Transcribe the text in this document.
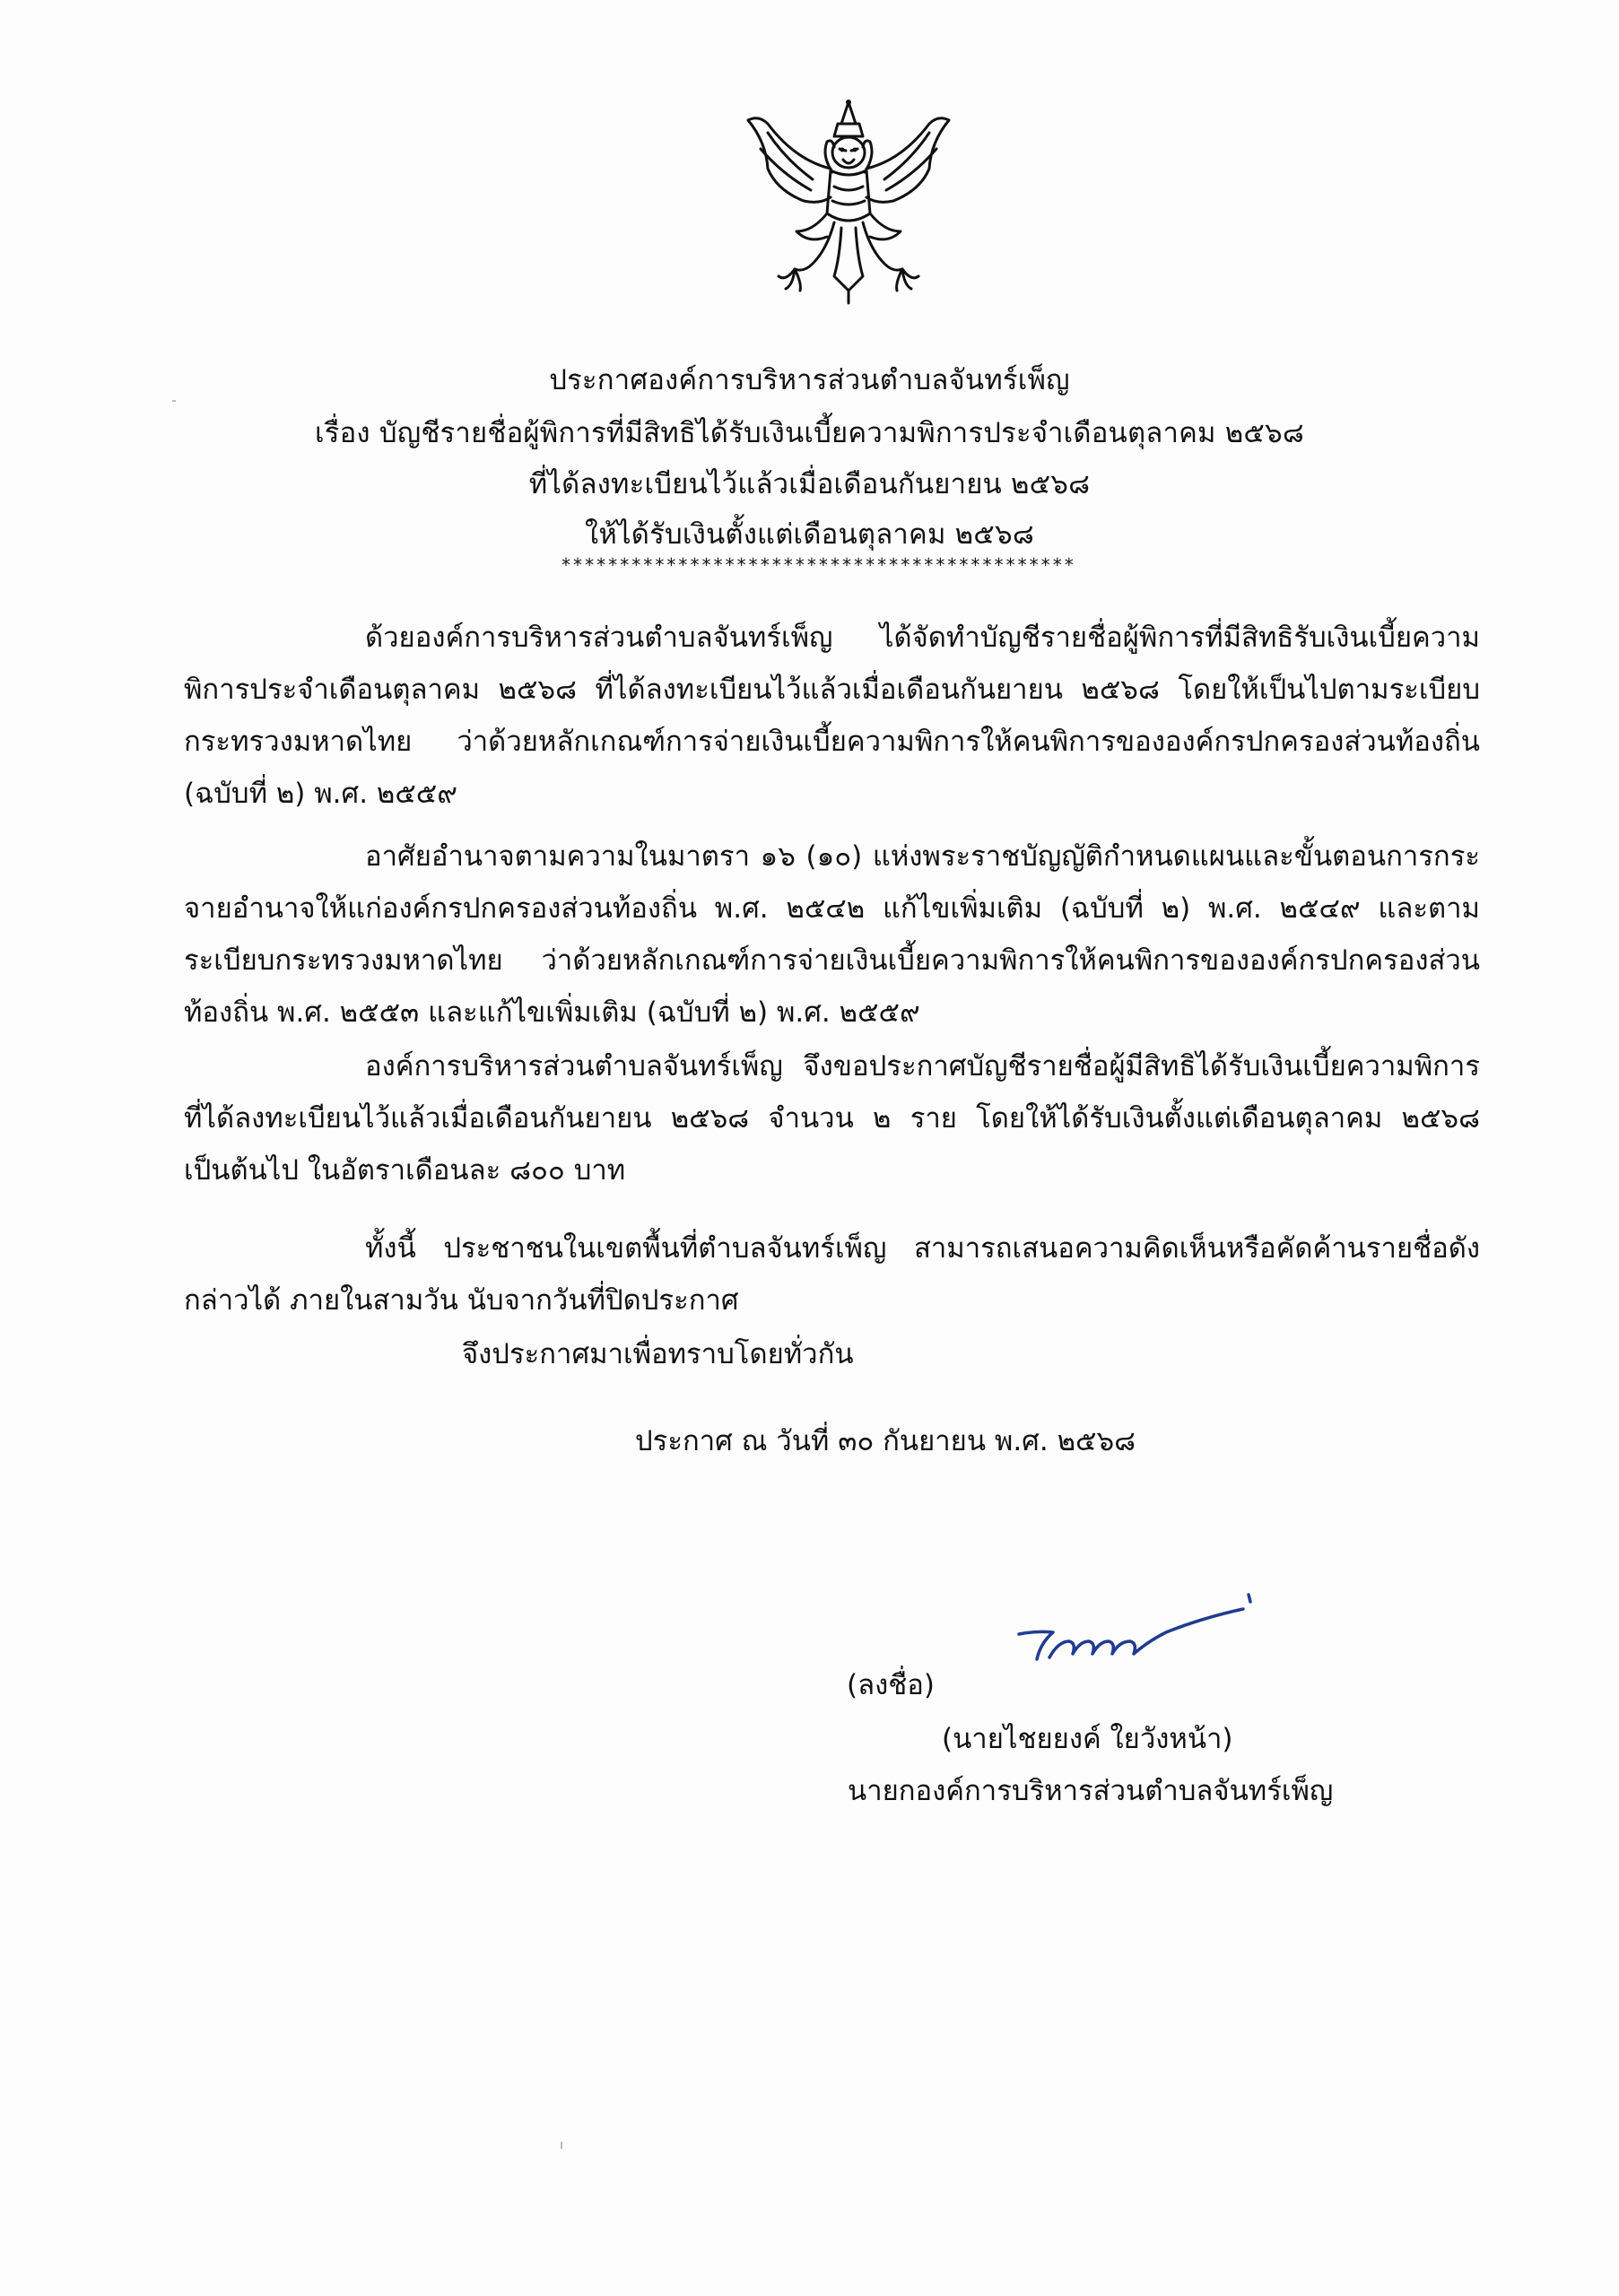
ประกาศองค์การบริหารส่วนตำบลจันทร์เพ็ญ
เรื่อง บัญชีรายชื่อผู้พิการที่มีสิทธิได้รับเงินเบี้ยความพิการประจำเดือนตุลาคม ๒๕๖๘
ที่ได้ลงทะเบียนไว้แล้วเมื่อเดือนกันยายน ๒๕๖๘
ให้ได้รับเงินตั้งแต่เดือนตุลาคม ๒๕๖๘
********************************************
ด้วยองค์การบริหารส่วนตำบลจันทร์เพ็ญ ได้จัดทำบัญชีรายชื่อผู้พิการที่มีสิทธิรับเงินเบี้ยความพิการประจำเดือนตุลาคม ๒๕๖๘ ที่ได้ลงทะเบียนไว้แล้วเมื่อเดือนกันยายน ๒๕๖๘ โดยให้เป็นไปตามระเบียบกระทรวงมหาดไทย ว่าด้วยหลักเกณฑ์การจ่ายเงินเบี้ยความพิการให้คนพิการขององค์กรปกครองส่วนท้องถิ่น (ฉบับที่ ๒) พ.ศ. ๒๕๕๙
อาศัยอำนาจตามความในมาตรา ๑๖ (๑๐) แห่งพระราชบัญญัติกำหนดแผนและขั้นตอนการกระจายอำนาจให้แก่องค์กรปกครองส่วนท้องถิ่น พ.ศ. ๒๕๔๒ แก้ไขเพิ่มเติม (ฉบับที่ ๒) พ.ศ. ๒๕๔๙ และตามระเบียบกระทรวงมหาดไทย ว่าด้วยหลักเกณฑ์การจ่ายเงินเบี้ยความพิการให้คนพิการขององค์กรปกครองส่วนท้องถิ่น พ.ศ. ๒๕๕๓ และแก้ไขเพิ่มเติม (ฉบับที่ ๒) พ.ศ. ๒๕๕๙
องค์การบริหารส่วนตำบลจันทร์เพ็ญ จึงขอประกาศบัญชีรายชื่อผู้มีสิทธิได้รับเงินเบี้ยความพิการที่ได้ลงทะเบียนไว้แล้วเมื่อเดือนกันยายน ๒๕๖๘ จำนวน ๒ ราย โดยให้ได้รับเงินตั้งแต่เดือนตุลาคม ๒๕๖๘ เป็นต้นไป ในอัตราเดือนละ ๘๐๐ บาท
ทั้งนี้ ประชาชนในเขตพื้นที่ตำบลจันทร์เพ็ญ สามารถเสนอความคิดเห็นหรือคัดค้านรายชื่อดังกล่าวได้ ภายในสามวัน นับจากวันที่ปิดประกาศ
จึงประกาศมาเพื่อทราบโดยทั่วกัน
ประกาศ ณ วันที่ ๓๐ กันยายน พ.ศ. ๒๕๖๘
(ลงชื่อ)
(นายไชยยงค์ ใยวังหน้า)
นายกองค์การบริหารส่วนตำบลจันทร์เพ็ญ
